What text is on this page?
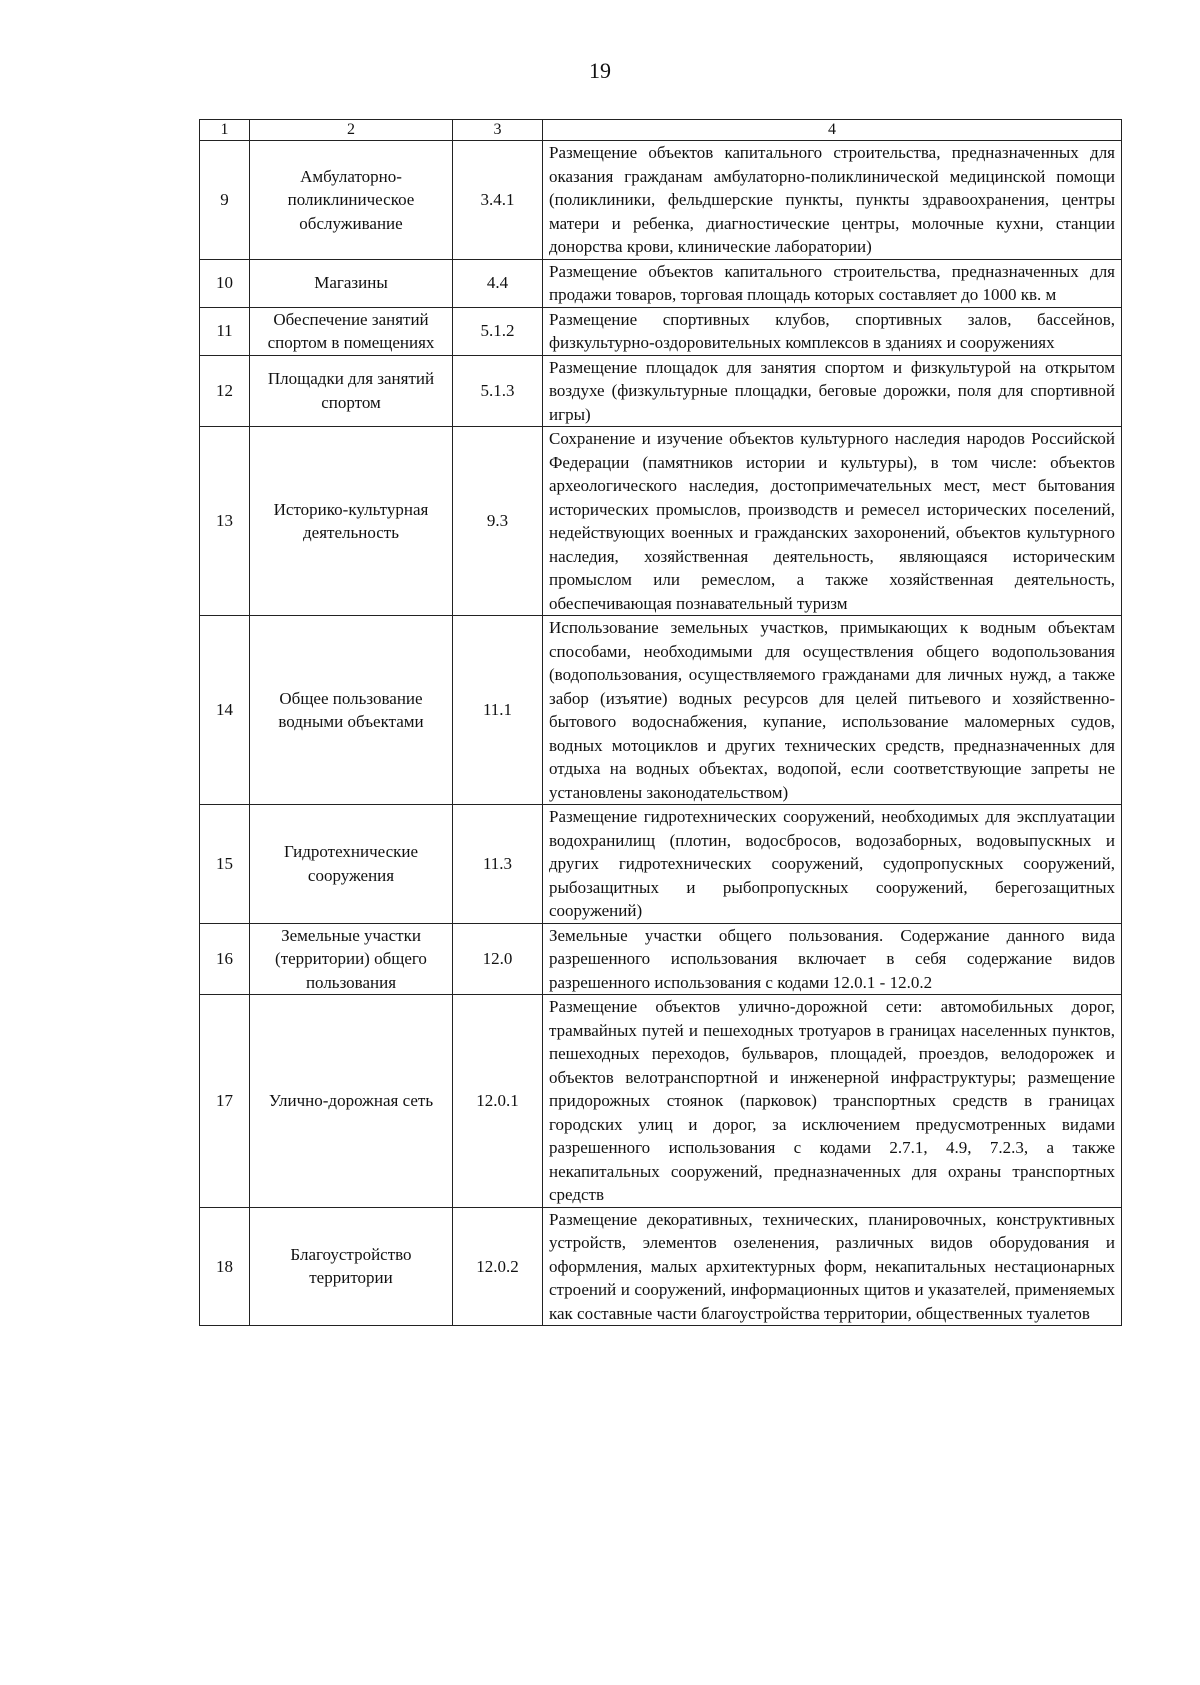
19
1	2	3	4
9	Амбулаторно-поликлиническое обслуживание	3.4.1	Размещение объектов капитального строительства, предназначенных для оказания гражданам амбулаторно-поликлинической медицинской помощи (поликлиники, фельдшерские пункты, пункты здравоохранения, центры матери и ребенка, диагностические центры, молочные кухни, станции донорства крови, клинические лаборатории)
10	Магазины	4.4	Размещение объектов капитального строительства, предназначенных для продажи товаров, торговая площадь которых составляет до 1000 кв. м
11	Обеспечение занятий спортом в помещениях	5.1.2	Размещение спортивных клубов, спортивных залов, бассейнов, физкультурно-оздоровительных комплексов в зданиях и сооружениях
12	Площадки для занятий спортом	5.1.3	Размещение площадок для занятия спортом и физкультурой на открытом воздухе (физкультурные площадки, беговые дорожки, поля для спортивной игры)
13	Историко-культурная деятельность	9.3	Сохранение и изучение объектов культурного наследия народов Российской Федерации (памятников истории и культуры), в том числе: объектов археологического наследия, достопримечательных мест, мест бытования исторических промыслов, производств и ремесел исторических поселений, недействующих военных и гражданских захоронений, объектов культурного наследия, хозяйственная деятельность, являющаяся историческим промыслом или ремеслом, а также хозяйственная деятельность, обеспечивающая познавательный туризм
14	Общее пользование водными объектами	11.1	Использование земельных участков, примыкающих к водным объектам способами, необходимыми для осуществления общего водопользования (водопользования, осуществляемого гражданами для личных нужд, а также забор (изъятие) водных ресурсов для целей питьевого и хозяйственно-бытового водоснабжения, купание, использование маломерных судов, водных мотоциклов и других технических средств, предназначенных для отдыха на водных объектах, водопой, если соответствующие запреты не установлены законодательством)
15	Гидротехнические сооружения	11.3	Размещение гидротехнических сооружений, необходимых для эксплуатации водохранилищ (плотин, водосбросов, водозаборных, водовыпускных и других гидротехнических сооружений, судопропускных сооружений, рыбозащитных и рыбопропускных сооружений, берегозащитных сооружений)
16	Земельные участки (территории) общего пользования	12.0	Земельные участки общего пользования. Содержание данного вида разрешенного использования включает в себя содержание видов разрешенного использования с кодами 12.0.1 - 12.0.2
17	Улично-дорожная сеть	12.0.1	Размещение объектов улично-дорожной сети: автомобильных дорог, трамвайных путей и пешеходных тротуаров в границах населенных пунктов, пешеходных переходов, бульваров, площадей, проездов, велодорожек и объектов велотранспортной и инженерной инфраструктуры; размещение придорожных стоянок (парковок) транспортных средств в границах городских улиц и дорог, за исключением предусмотренных видами разрешенного использования с кодами 2.7.1, 4.9, 7.2.3, а также некапитальных сооружений, предназначенных для охраны транспортных средств
18	Благоустройство территории	12.0.2	Размещение декоративных, технических, планировочных, конструктивных устройств, элементов озеленения, различных видов оборудования и оформления, малых архитектурных форм, некапитальных нестационарных строений и сооружений, информационных щитов и указателей, применяемых как составные части благоустройства территории, общественных туалетов
